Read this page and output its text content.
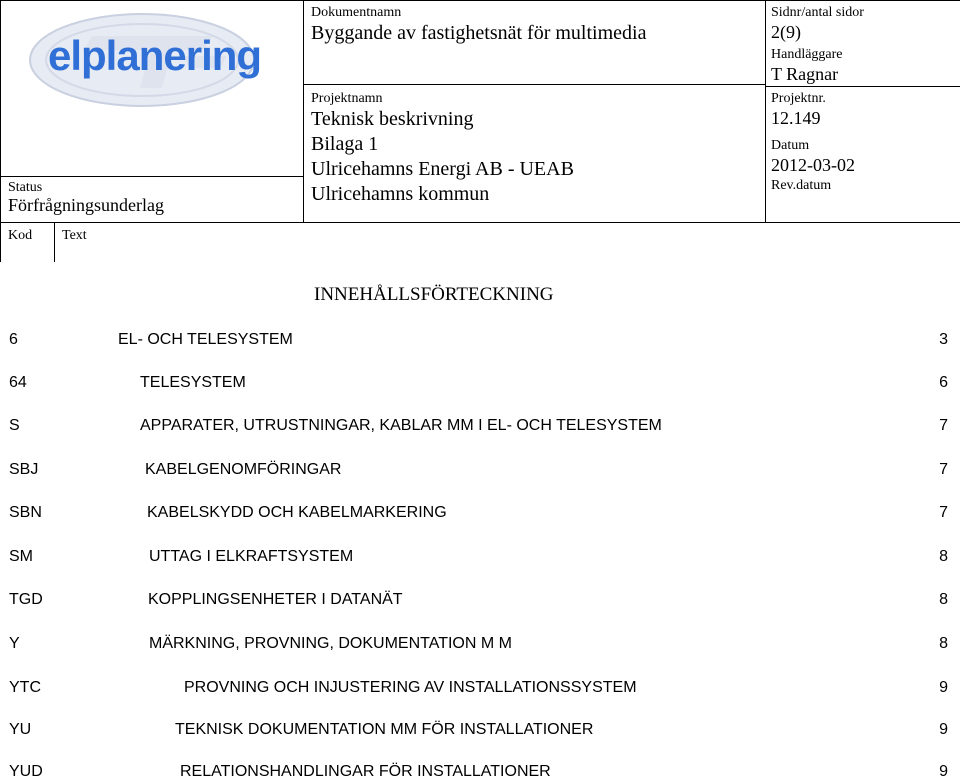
elplanering
Status
Förfrågningsunderlag
Dokumentnamn
Byggande av fastighetsnät för multimedia
Projektnamn
Teknisk beskrivning
Bilaga 1
Ulricehamns Energi AB - UEAB
Ulricehamns kommun
Sidnr/antal sidor
2(9)
Handläggare
T Ragnar
Projektnr.
12.149
Datum
2012-03-02
Rev.datum
Kod Text
INNEHÅLLSFÖRTECKNING
6	EL- OCH TELESYSTEM	3
64	TELESYSTEM	6
S	APPARATER, UTRUSTNINGAR, KABLAR MM I EL- OCH TELESYSTEM	7
SBJ	KABELGENOMFÖRINGAR	7
SBN	KABELSKYDD OCH KABELMARKERING	7
SM	UTTAG I ELKRAFTSYSTEM	8
TGD	KOPPLINGSENHETER I DATANÄT	8
Y	MÄRKNING, PROVNING, DOKUMENTATION M M	8
YTC	PROVNING OCH INJUSTERING AV INSTALLATIONSSYSTEM	9
YU	TEKNISK DOKUMENTATION MM FÖR INSTALLATIONER	9
YUD	RELATIONSHANDLINGAR FÖR INSTALLATIONER	9
